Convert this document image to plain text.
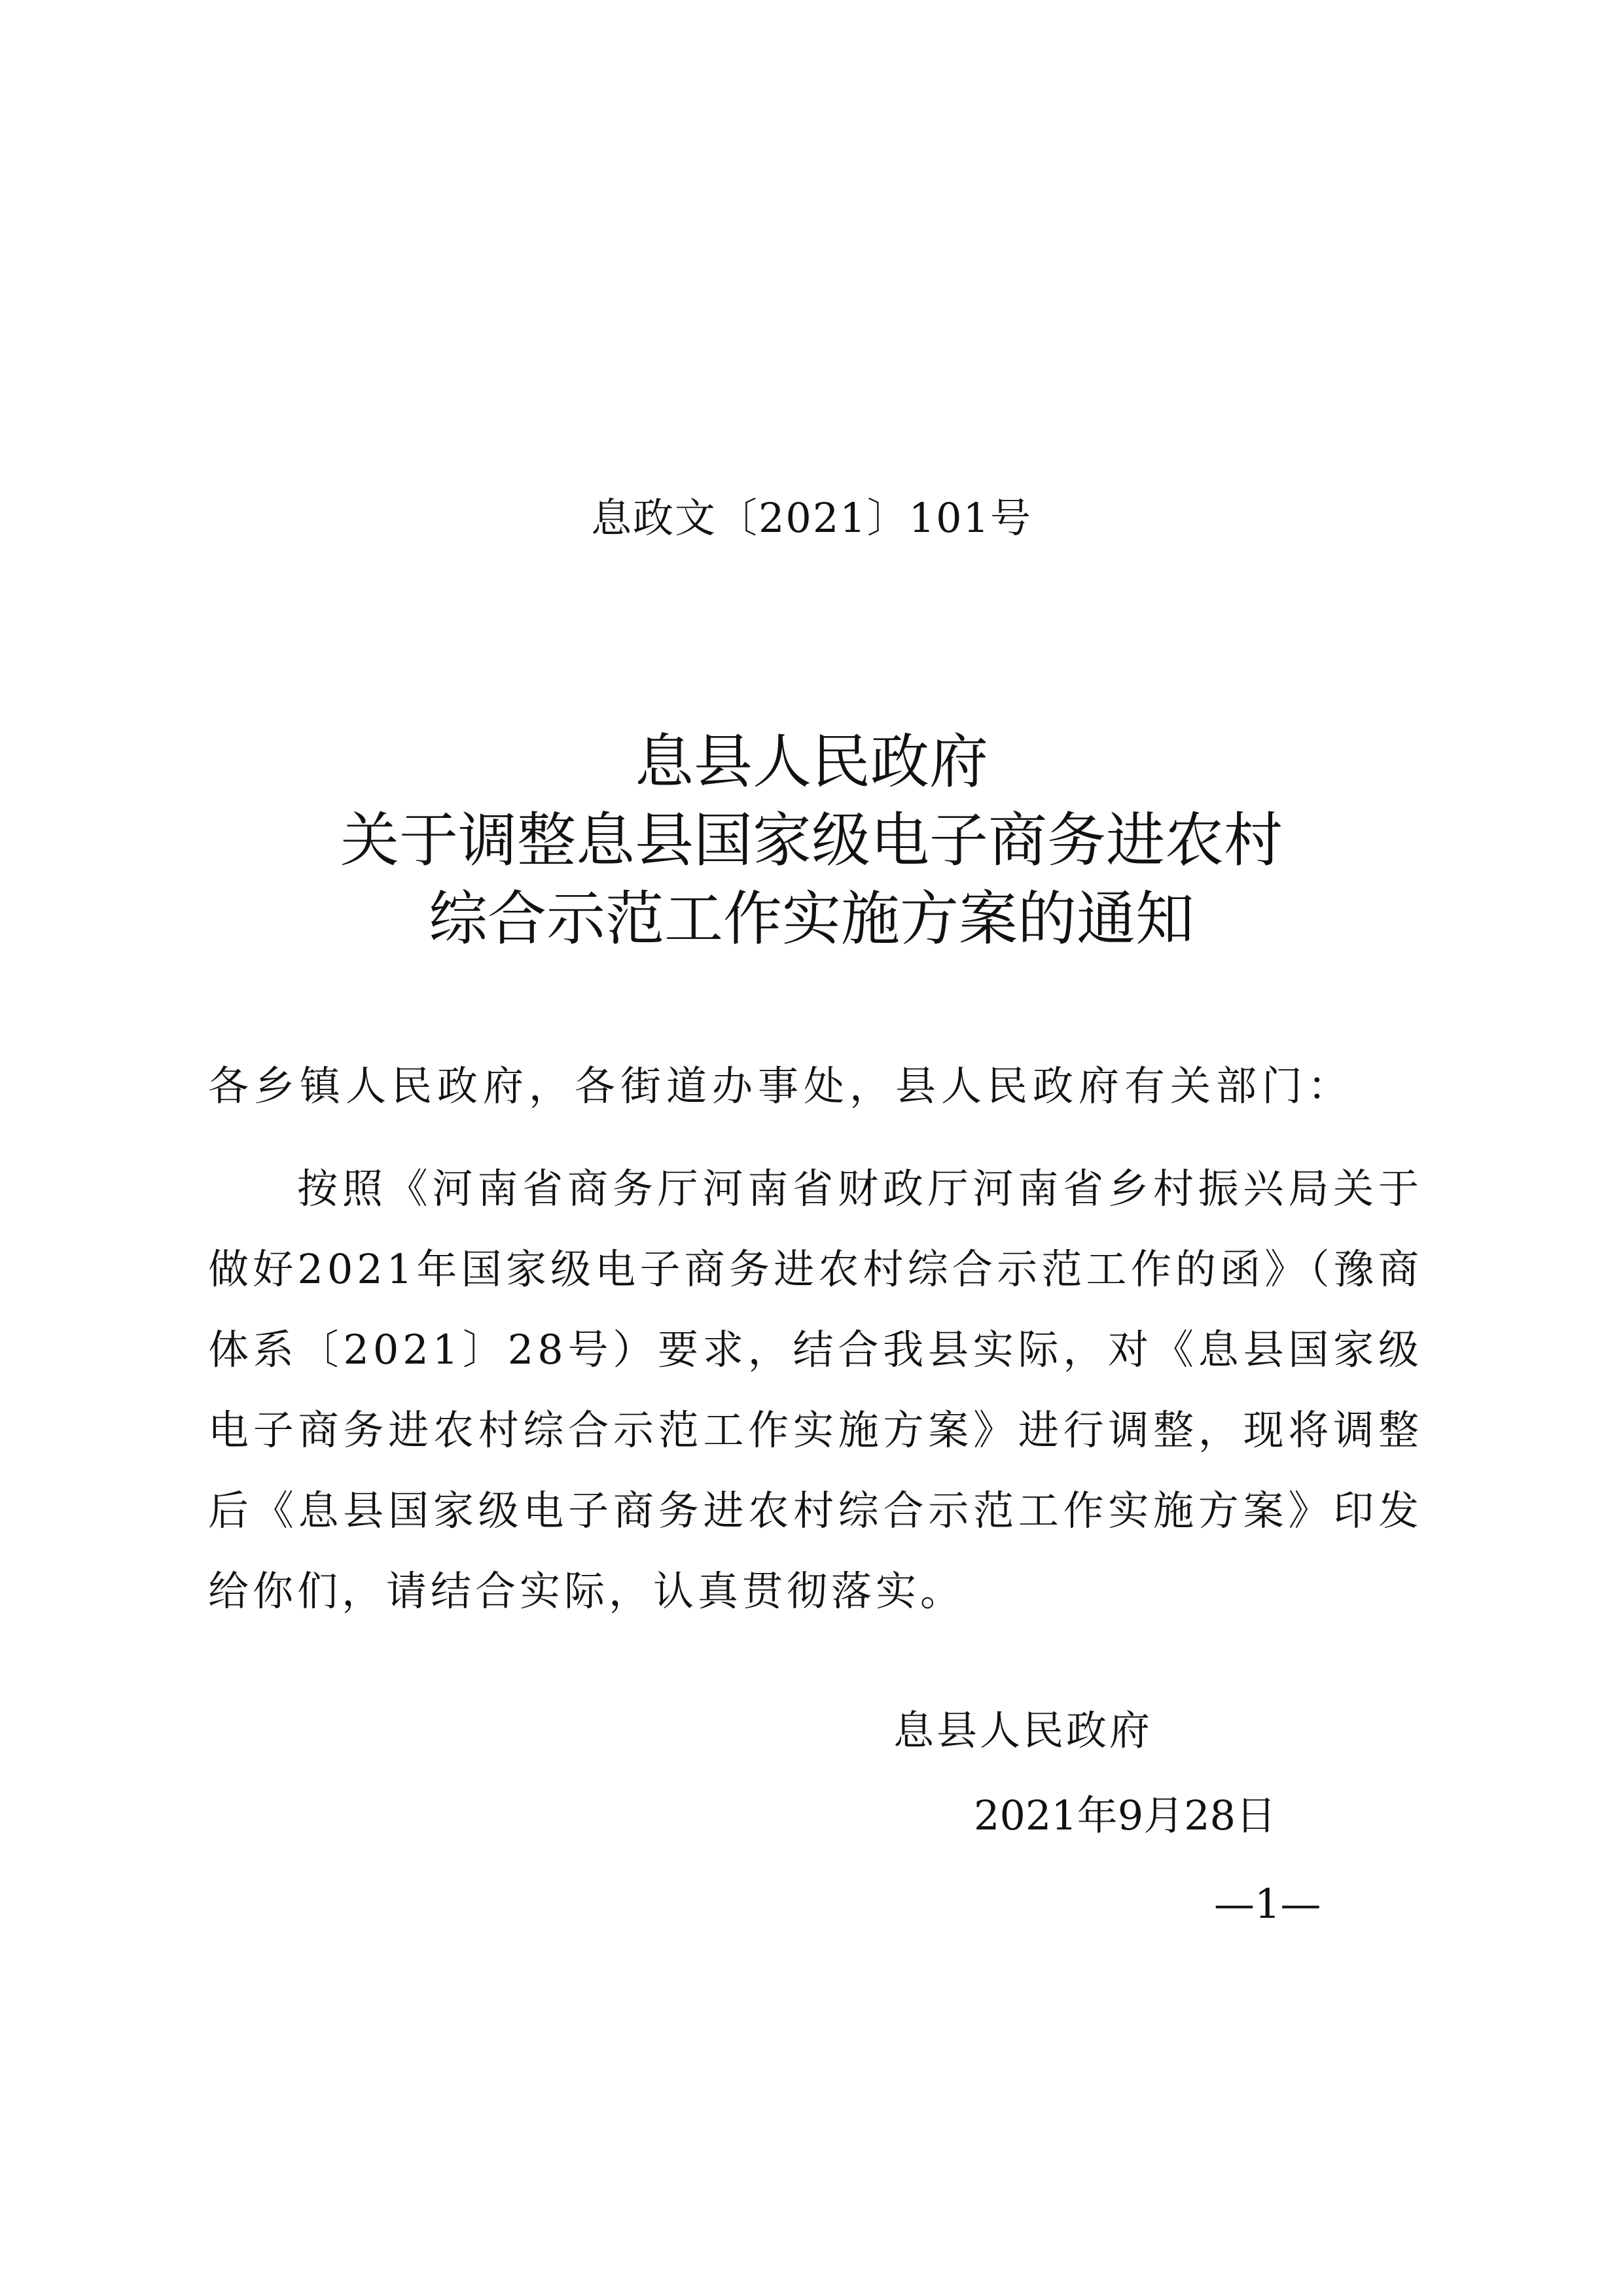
息政文〔2021〕101号
息县人民政府
关于调整息县国家级电子商务进农村
综合示范工作实施方案的通知
各乡镇人民政府，各街道办事处，县人民政府有关部门：
按照《河南省商务厅河南省财政厅河南省乡村振兴局关于做好2021年国家级电子商务进农村综合示范工作的函》（豫商体系〔2021〕28号）要求，结合我县实际，对《息县国家级电子商务进农村综合示范工作实施方案》进行调整，现将调整后《息县国家级电子商务进农村综合示范工作实施方案》印发给你们，请结合实际，认真贯彻落实。
息县人民政府
2021年9月28日
—1—
